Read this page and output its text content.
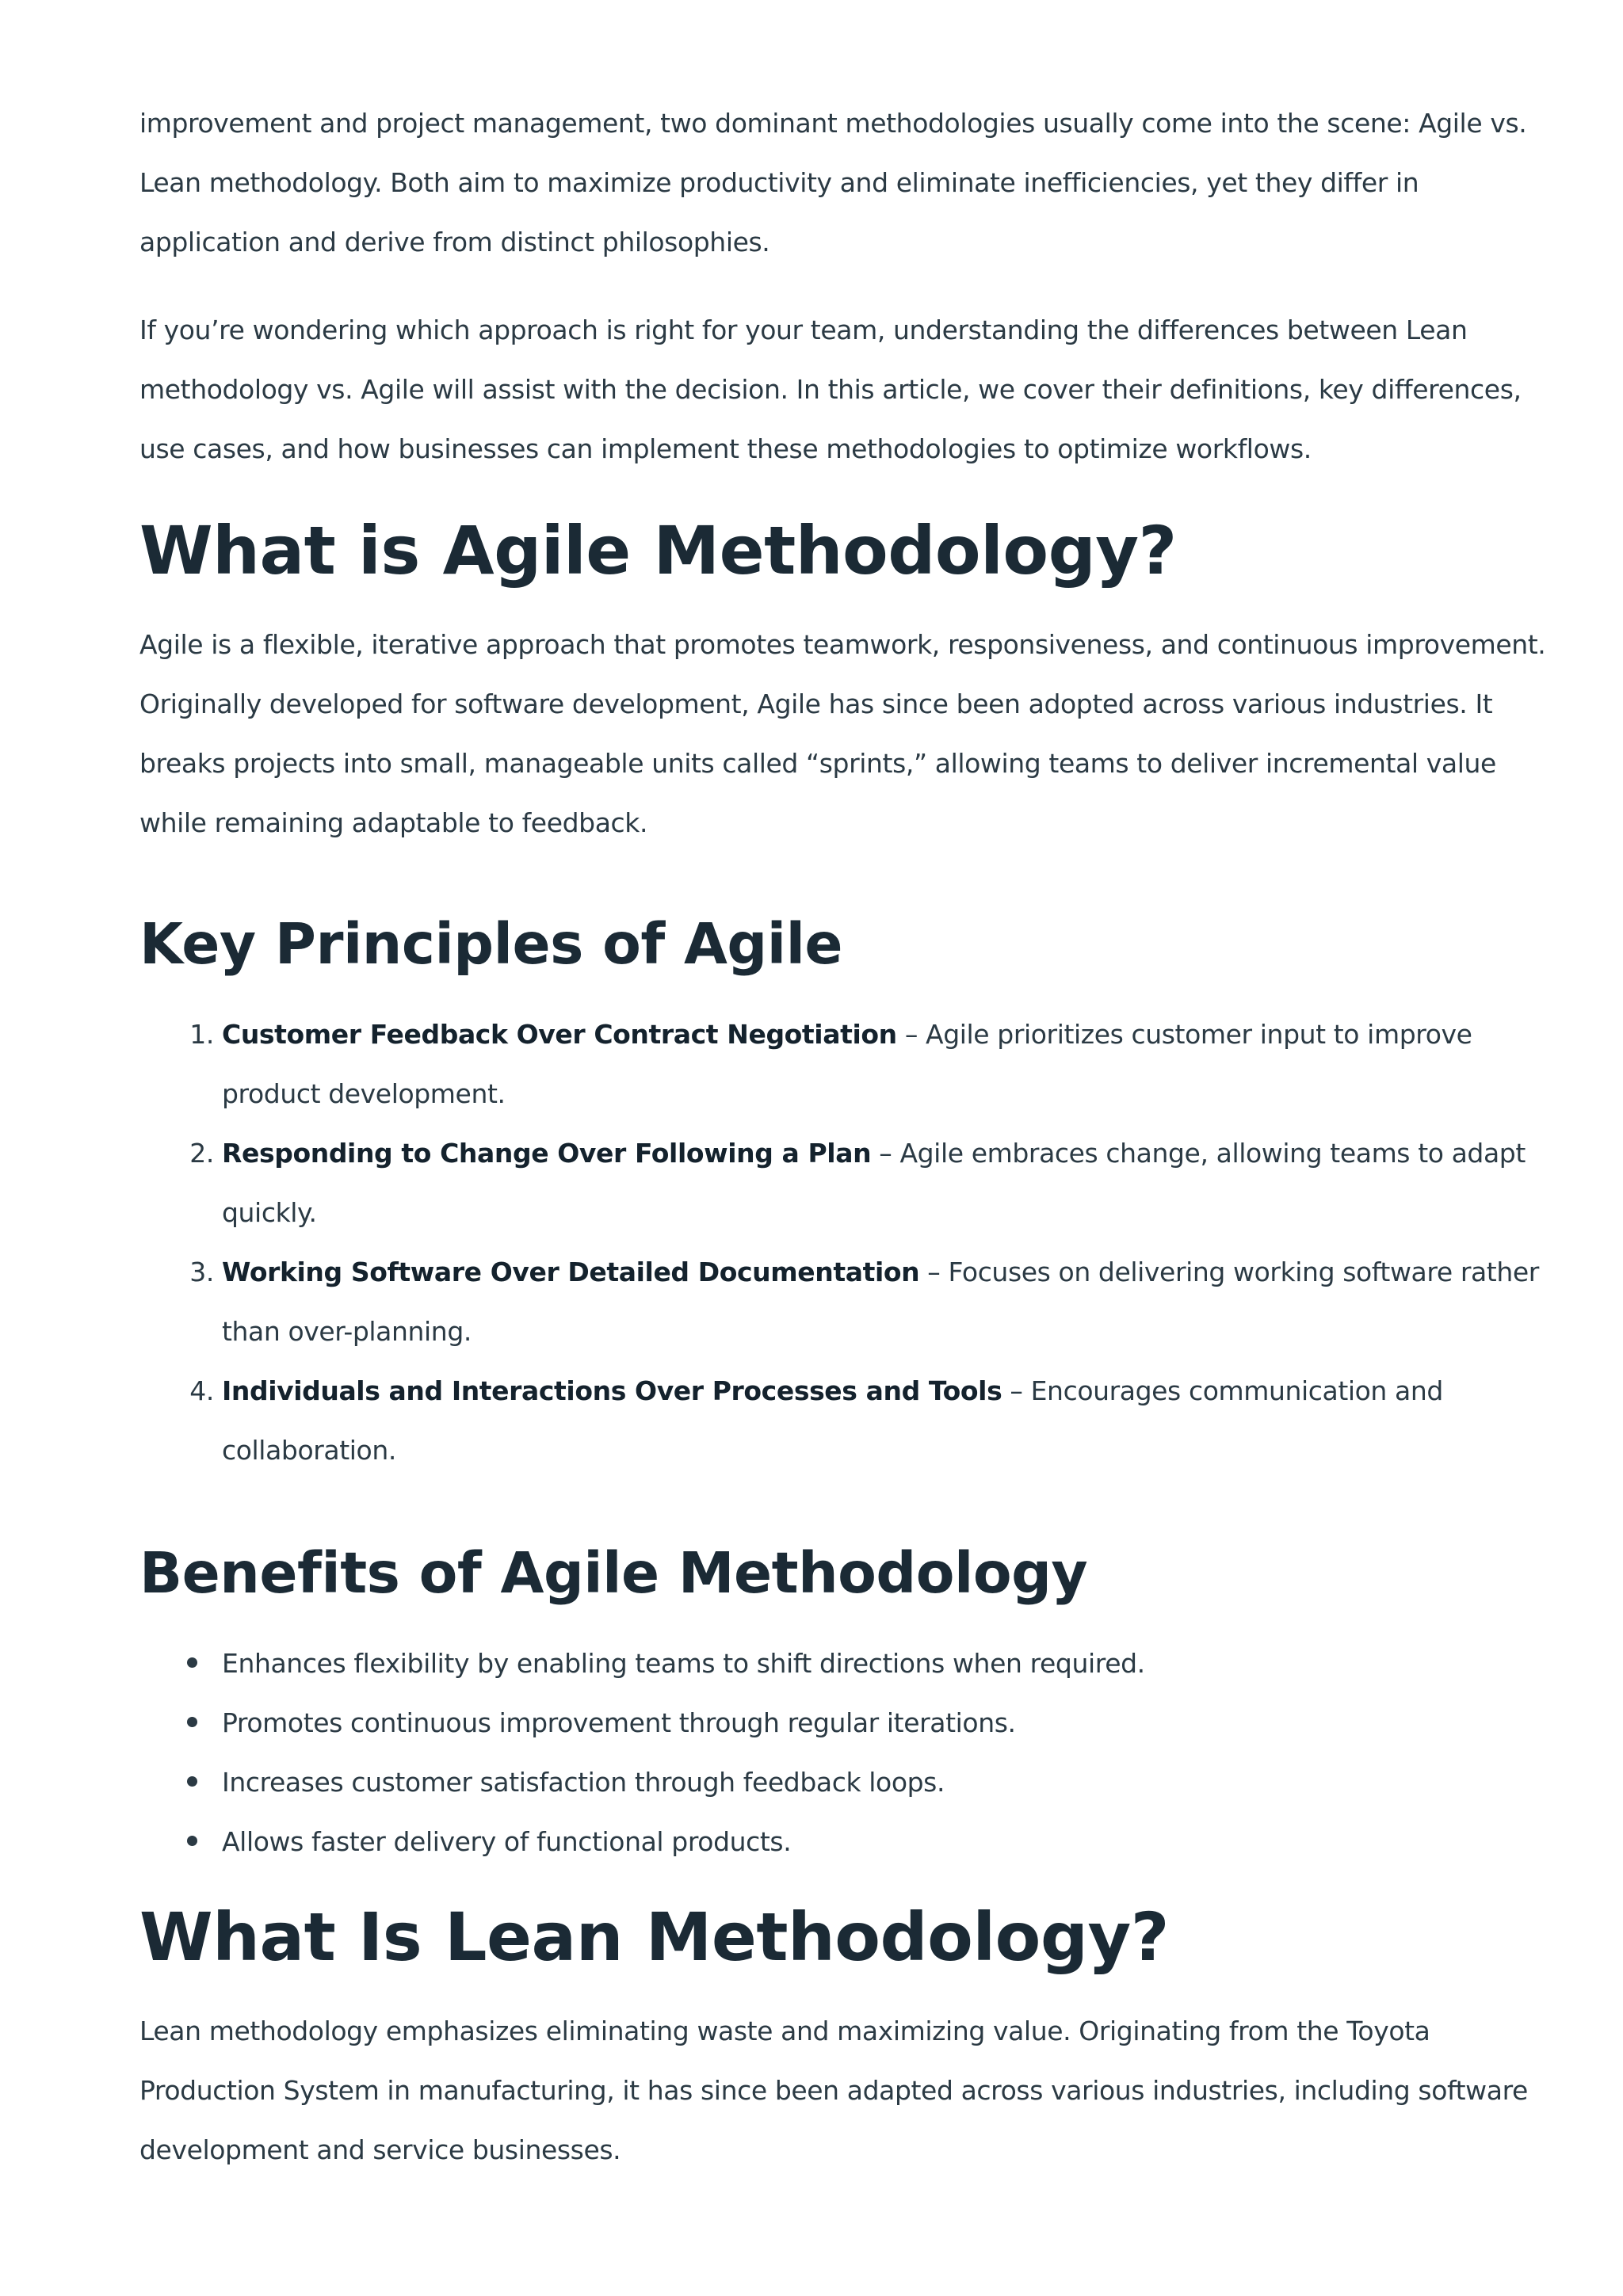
improvement and project management, two dominant methodologies usually come into the scene: Agile vs. Lean methodology. Both aim to maximize productivity and eliminate inefficiencies, yet they differ in application and derive from distinct philosophies.

If you’re wondering which approach is right for your team, understanding the differences between Lean methodology vs. Agile will assist with the decision. In this article, we cover their definitions, key differences, use cases, and how businesses can implement these methodologies to optimize workflows.

What is Agile Methodology?

Agile is a flexible, iterative approach that promotes teamwork, responsiveness, and continuous improvement. Originally developed for software development, Agile has since been adopted across various industries. It breaks projects into small, manageable units called “sprints,” allowing teams to deliver incremental value while remaining adaptable to feedback.

Key Principles of Agile
1. Customer Feedback Over Contract Negotiation – Agile prioritizes customer input to improve product development.
2. Responding to Change Over Following a Plan – Agile embraces change, allowing teams to adapt quickly.
3. Working Software Over Detailed Documentation – Focuses on delivering working software rather than over-planning.
4. Individuals and Interactions Over Processes and Tools – Encourages communication and collaboration.
Benefits of Agile Methodology
Enhances flexibility by enabling teams to shift directions when required.
Promotes continuous improvement through regular iterations.
Increases customer satisfaction through feedback loops.
Allows faster delivery of functional products.
What Is Lean Methodology?

Lean methodology emphasizes eliminating waste and maximizing value. Originating from the Toyota Production System in manufacturing, it has since been adapted across various industries, including software development and service businesses.
